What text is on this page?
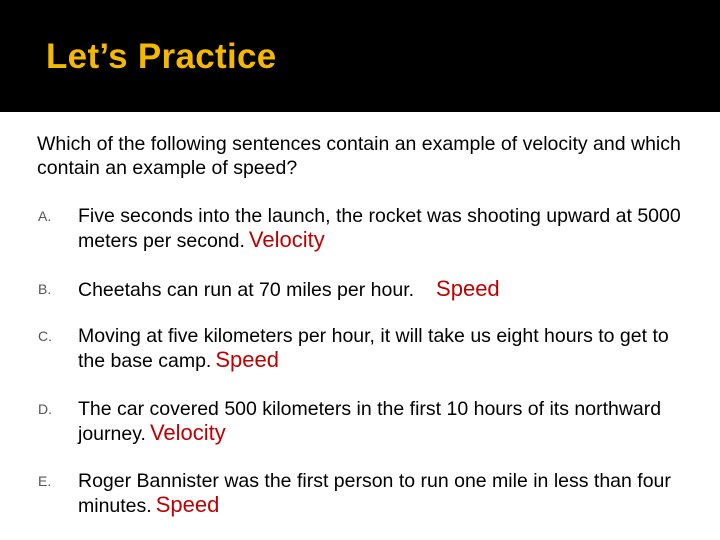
Let’s Practice
Which of the following sentences contain an example of velocity and which contain an example of speed?
A. Five seconds into the launch, the rocket was shooting upward at 5000 meters per second. Velocity
B. Cheetahs can run at 70 miles per hour. Speed
C. Moving at five kilometers per hour, it will take us eight hours to get to the base camp. Speed
D. The car covered 500 kilometers in the first 10 hours of its northward journey. Velocity
E. Roger Bannister was the first person to run one mile in less than four minutes. Speed
